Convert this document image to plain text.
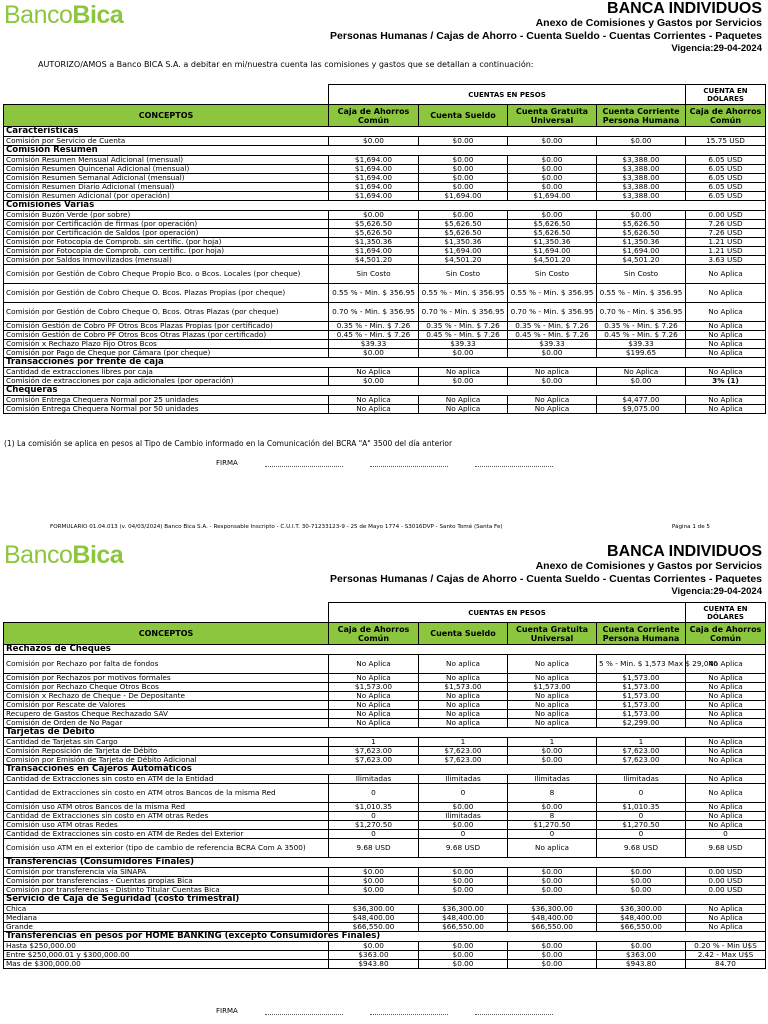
BancoBica	BANCA INDIVIDUOS
Anexo de Comisiones y Gastos por Servicios
Personas Humanas / Cajas de Ahorro - Cuenta Sueldo - Cuentas Corrientes - Paquetes
Vigencia:29-04-2024
AUTORIZO/AMOS a Banco BICA S.A. a debitar en mi/nuestra cuenta las comisiones y gastos que se detallan a continuación:
	CUENTAS EN PESOS				CUENTA EN DÓLARES
CONCEPTOS	Caja de Ahorros Común	Cuenta Sueldo	Cuenta Gratuita Universal	Cuenta Corriente Persona Humana	Caja de Ahorros Común
Características					
Comisión por Servicio de Cuenta	$0.00	$0.00	$0.00	$0.00	15.75 USD
Comisión Resumen					
Comisión Resumen Mensual Adicional (mensual)	$1,694.00	$0.00	$0.00	$3,388.00	6.05 USD
Comisión Resumen Quincenal Adicional (mensual)	$1,694.00	$0.00	$0.00	$3,388.00	6.05 USD
Comisión Resumen Semanal Adicional (mensual)	$1,694.00	$0.00	$0.00	$3,388.00	6.05 USD
Comisión Resumen Diario Adicional (mensual)	$1,694.00	$0.00	$0.00	$3,388.00	6.05 USD
Comisión Resumen Adicional (por operación)	$1,694.00	$1,694.00	$1,694.00	$3,388.00	6.05 USD
Comisiones Varias					
Comisión Buzón Verde (por sobre)	$0.00	$0.00	$0.00	$0.00	0.00 USD
Comisión por Certificación de firmas (por operación)	$5,626.50	$5,626.50	$5,626.50	$5,626.50	7.26 USD
Comisión por Certificación de Saldos (por operación)	$5,626.50	$5,626.50	$5,626.50	$5,626.50	7.26 USD
Comisión por Fotocopia de Comprob. sin certific. (por hoja)	$1,350.36	$1,350.36	$1,350.36	$1,350.36	1.21 USD
Comisión por Fotocopia de Comprob. con certific. (por hoja)	$1,694.00	$1,694.00	$1,694.00	$1,694.00	1.21 USD
Comisión por Saldos Inmovilizados (mensual)	$4,501.20	$4,501.20	$4,501.20	$4,501.20	3.63 USD
Comisión por Gestión de Cobro Cheque Propio Bco. o Bcos. Locales (por cheque)	Sin Costo	Sin Costo	Sin Costo	Sin Costo	No Aplica
Comisión por Gestión de Cobro Cheque O. Bcos. Plazas Propias (por cheque)	0.55 % - Min. $ 356.95	0.55 % - Min. $ 356.95	0.55 % - Min. $ 356.95	0.55 % - Min. $ 356.95	No Aplica
Comisión por Gestión de Cobro Cheque O. Bcos. Otras Plazas (por cheque)	0.70 % - Min. $ 356.95	0.70 % - Min. $ 356.95	0.70 % - Min. $ 356.95	0.70 % - Min. $ 356.95	No Aplica
Comisión Gestión de Cobro PF Otros Bcos Plazas Propias (por certificado)	0.35 % - Min. $ 7.26	0.35 % - Min. $ 7.26	0.35 % - Min. $ 7.26	0.35 % - Min. $ 7.26	No Aplica
Comisión Gestión de Cobro PF Otros Bcos Otras Plazas (por certificado)	0.45 % - Min. $ 7.26	0.45 % - Min. $ 7.26	0.45 % - Min. $ 7.26	0.45 % - Min. $ 7.26	No Aplica
Comisión x Rechazo Plazo Fijo Otros Bcos	$39.33	$39.33	$39.33	$39.33	No Aplica
Comisión por Pago de Cheque por Cámara (por cheque)	$0.00	$0.00	$0.00	$199.65	No Aplica
Transacciones por frente de caja					
Cantidad de extracciones libres por caja	No Aplica	No aplica	No aplica	No Aplica	No Aplica
Comisión de extracciones por caja adicionales (por operación)	$0.00	$0.00	$0.00	$0.00	3% (1)
Chequeras					
Comisión Entrega Chequera Normal por 25 unidades	No Aplica	No Aplica	No Aplica	$4,477.00	No Aplica
Comisión Entrega Chequera Normal por 50 unidades	No Aplica	No Aplica	No Aplica	$9,075.00	No Aplica
(1) La comisión se aplica en pesos al Tipo de Cambio informado en la Comunicación del BCRA "A" 3500 del día anterior
FIRMA
FORMULARIO 01.04.013 (v. 04/03/2024) Banco Bica S.A. - Responsable Inscripto - C.U.I.T. 30-71233123-9 - 25 de Mayo 1774 - S3016DVP - Santo Tomé (Santa Fe)	Página 1 de 5
BancoBica	BANCA INDIVIDUOS
Anexo de Comisiones y Gastos por Servicios
Personas Humanas / Cajas de Ahorro - Cuenta Sueldo - Cuentas Corrientes - Paquetes
Vigencia:29-04-2024
	CUENTAS EN PESOS				CUENTA EN DÓLARES
CONCEPTOS	Caja de Ahorros Común	Cuenta Sueldo	Cuenta Gratuita Universal	Cuenta Corriente Persona Humana	Caja de Ahorros Común
Rechazos de Cheques					
Comisión por Rechazo por falta de fondos	No Aplica	No aplica	No aplica	5 % - Min. $ 1,573 Max $ 29,040	No Aplica
Comisión por Rechazos por motivos formales	No Aplica	No aplica	No aplica	$1,573.00	No Aplica
Comisión por Rechazo Cheque Otros Bcos	$1,573.00	$1,573.00	$1,573.00	$1,573.00	No Aplica
Comisión x Rechazo de Cheque - De Depositante	No Aplica	No aplica	No aplica	$1,573.00	No Aplica
Comisión por Rescate de Valores	No Aplica	No aplica	No aplica	$1,573.00	No Aplica
Recupero de Gastos Cheque Rechazado SAV	No Aplica	No aplica	No aplica	$1,573.00	No Aplica
Comisión de Orden de No Pagar	No Aplica	No aplica	No aplica	$2,299.00	No Aplica
Tarjetas de Débito					
Cantidad de Tarjetas sin Cargo	1	1	1	1	No Aplica
Comisión Reposición de Tarjeta de Débito	$7,623.00	$7,623.00	$0.00	$7,623.00	No Aplica
Comisión por Emisión de Tarjeta de Débito Adicional	$7,623.00	$7,623.00	$0.00	$7,623.00	No Aplica
Transacciones en Cajeros Automáticos					
Cantidad de Extracciones sin costo en ATM de la Entidad	Ilimitadas	Ilimitadas	Ilimitadas	Ilimitadas	No Aplica
Cantidad de Extracciones sin costo en ATM otros Bancos de la misma Red	0	0	8	0	No Aplica
Comisión uso ATM otros Bancos de la misma Red	$1,010.35	$0.00	$0.00	$1,010.35	No Aplica
Cantidad de Extracciones sin costo en ATM otras Redes	0	Ilimitadas	8	0	No Aplica
Comisión uso ATM otras Redes	$1,270.50	$0.00	$1,270.50	$1,270.50	No Aplica
Cantidad de Extracciones sin costo en ATM de Redes del Exterior	0	0	0	0	0
Comisión uso ATM en el exterior (tipo de cambio de referencia BCRA Com A 3500)	9.68 USD	9.68 USD	No aplica	9.68 USD	9.68 USD
Transferencias (Consumidores Finales)					
Comisión por transferencia vía SINAPA	$0.00	$0.00	$0.00	$0.00	0.00 USD
Comisión por transferencias - Cuentas propias Bica	$0.00	$0.00	$0.00	$0.00	0.00 USD
Comisión por transferencias - Distinto Titular Cuentas Bica	$0.00	$0.00	$0.00	$0.00	0.00 USD
Servicio de Caja de Seguridad (costo trimestral)					
Chica	$36,300.00	$36,300.00	$36,300.00	$36,300.00	No Aplica
Mediana	$48,400.00	$48,400.00	$48,400.00	$48,400.00	No Aplica
Grande	$66,550.00	$66,550.00	$66,550.00	$66,550.00	No Aplica
Transferencias en pesos por HOME BANKING (excepto Consumidores Finales)					
Hasta $250,000.00	$0.00	$0.00	$0.00	$0.00	0.20 % - Min U$S
Entre $250,000.01 y $300,000.00	$363.00	$0.00	$0.00	$363.00	2.42 - Max U$S
Mas de $300,000.00	$943.80	$0.00	$0.00	$943.80	84.70
FIRMA
